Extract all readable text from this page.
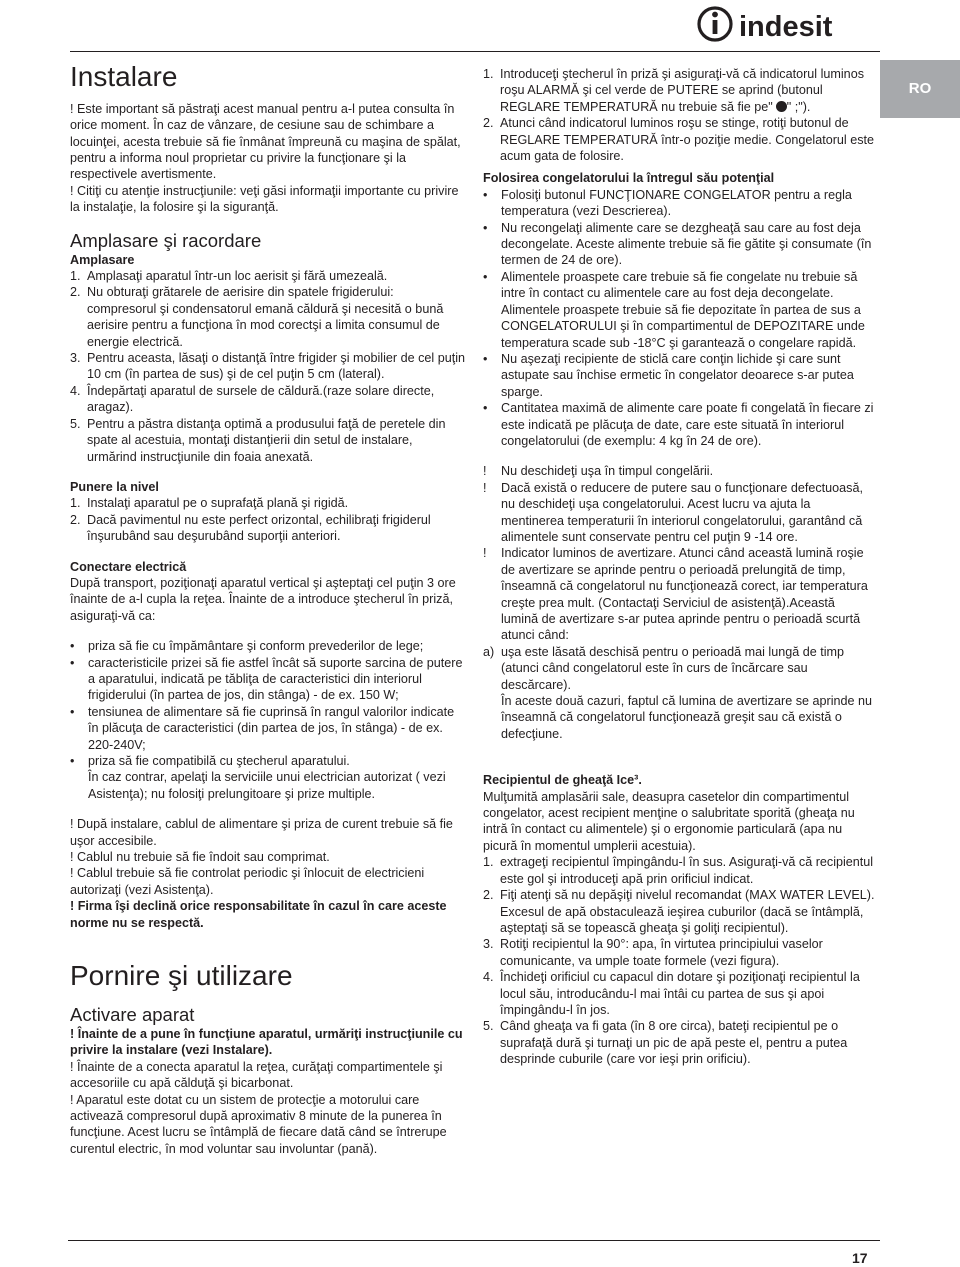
indesit
RO
Instalare

! Este important să păstraţi acest manual pentru a-l putea consulta în orice moment. În caz de vânzare, de cesiune sau de schimbare a locuinţei, acesta trebuie să fie înmânat împreună cu maşina de spălat, pentru a informa noul proprietar cu privire la funcţionare şi la respectivele avertismente.

! Citiţi cu atenţie instrucţiunile: veţi găsi informaţii importante cu privire la instalaţie, la folosire şi la siguranţă.

Amplasare şi racordare
Amplasare

1. Amplasaţi aparatul într-un loc aerisit şi fără umezeală.

2. Nu obturaţi grătarele de aerisire din spatele frigiderului: compresorul şi condensatorul emană căldură şi necesită o bună aerisire pentru a funcţiona în mod corectşi a limita consumul de energie electrică.

3. Pentru aceasta, lăsaţi o distanţă între frigider şi mobilier de cel puţin 10 cm (în partea de sus) şi de cel puţin 5 cm (lateral).

4. Îndepărtaţi aparatul de sursele de căldură.(raze solare directe, aragaz).

5. Pentru a păstra distanţa optimă a produsului faţă de peretele din spate al acestuia, montaţi distanţierii din setul de instalare, urmărind instrucţiunile din foaia anexată.

Punere la nivel

1. Instalaţi aparatul pe o suprafaţă plană şi rigidă.

2. Dacă pavimentul nu este perfect orizontal, echilibraţi frigiderul înşurubând sau deşurubând suporţii anteriori.

Conectare electrică

După transport, poziţionaţi aparatul vertical şi aşteptaţi cel puţin 3 ore înainte de a-l cupla la reţea. Înainte de a introduce ştecherul în priză, asiguraţi-vă ca:

• priza să fie cu împământare şi conform prevederilor de lege;

• caracteristicile prizei să fie astfel încât să suporte sarcina de putere a aparatului, indicată pe tăbliţa de caracteristici din interiorul frigiderului (în partea de jos, din stânga) - de ex. 150 W;

• tensiunea de alimentare să fie cuprinsă în rangul valorilor indicate în plăcuţa de caracteristici (din partea de jos, în stânga) - de ex. 220-240V;

• priza să fie compatibilă cu ştecherul aparatului.

În caz contrar, apelaţi la serviciile unui electrician autorizat ( vezi Asistenţa); nu folosiţi prelungitoare şi prize multiple.

! După instalare, cablul de alimentare şi priza de curent trebuie să fie uşor accesibile.

! Cablul nu trebuie să fie îndoit sau comprimat.

! Cablul trebuie să fie controlat periodic şi înlocuit de electricieni autorizaţi (vezi Asistenţa).

! Firma îşi declină orice responsabilitate în cazul în care aceste norme nu se respectă.

Pornire şi utilizare
Activare aparat

! Înainte de a pune în funcţiune aparatul, urmăriţi instrucţiunile cu privire la instalare (vezi Instalare).

! Înainte de a conecta aparatul la reţea, curăţaţi compartimentele şi accesoriile cu apă călduţă şi bicarbonat.

! Aparatul este dotat cu un sistem de protecţie a motorului care activează compresorul după aproximativ 8 minute de la punerea în funcţiune. Acest lucru se întâmplă de fiecare dată când se întrerupe curentul electric, în mod voluntar sau involuntar (pană).

1. Introduceţi ştecherul în priză şi asiguraţi-vă că indicatorul luminos roşu ALARMĂ şi cel verde de PUTERE se aprind (butonul REGLARE TEMPERATURĂ nu trebuie să fie pe" " ;").

2. Atunci când indicatorul luminos roşu se stinge, rotiţi butonul de REGLARE TEMPERATURĂ într-o poziţie medie. Congelatorul este acum gata de folosire.

Folosirea congelatorului la întregul său potenţial

• Folosiţi butonul FUNCŢIONARE CONGELATOR pentru a regla temperatura (vezi Descrierea).

• Nu recongelaţi alimente care se dezgheaţă sau care au fost deja decongelate. Aceste alimente trebuie să fie gătite şi consumate (în termen de 24 de ore).

• Alimentele proaspete care trebuie să fie congelate nu trebuie să intre în contact cu alimentele care au fost deja decongelate. Alimentele proaspete trebuie să fie depozitate în partea de sus a CONGELATORULUI şi în compartimentul de DEPOZITARE unde temperatura scade sub -18°C şi garantează o congelare rapidă.

• Nu aşezaţi recipiente de sticlă care conţin lichide şi care sunt astupate sau închise ermetic în congelator deoarece s-ar putea sparge.

• Cantitatea maximă de alimente care poate fi congelată în fiecare zi este indicată pe plăcuţa de date, care este situată în interiorul congelatorului (de exemplu: 4 kg în 24 de ore).

! Nu deschideţi uşa în timpul congelării.

! Dacă există o reducere de putere sau o funcţionare defectuoasă, nu deschideţi uşa congelatorului. Acest lucru va ajuta la mentinerea temperaturii în interiorul congelatorului, garantând că alimentele sunt conservate pentru cel puţin 9 -14 ore.

! Indicator luminos de avertizare. Atunci când această lumină roşie de avertizare se aprinde pentru o perioadă prelungită de timp, înseamnă că congelatorul nu funcţionează corect, iar temperatura creşte prea mult. (Contactaţi Serviciul de asistenţă).Această lumină de avertizare s-ar putea aprinde pentru o perioadă scurtă atunci când:

a) uşa este lăsată deschisă pentru o perioadă mai lungă de timp (atunci când congelatorul este în curs de încărcare sau descărcare).

În aceste două cazuri, faptul că lumina de avertizare se aprinde nu înseamnă că congelatorul funcţionează greşit sau că există o defecţiune.

Recipientul de gheaţă Ice³.

Mulţumită amplasării sale, deasupra casetelor din compartimentul congelator, acest recipient menţine o salubritate sporită (gheaţa nu intră în contact cu alimentele) şi o ergonomie particulară (apa nu picură în momentul umplerii acestuia).

1. extrageţi recipientul împingându-l în sus. Asiguraţi-vă că recipientul este gol şi introduceţi apă prin orificiul indicat.

2. Fiţi atenţi să nu depăşiţi nivelul recomandat (MAX WATER LEVEL). Excesul de apă obstaculează ieşirea cuburilor (dacă se întâmplă, aşteptaţi să se topească gheaţa şi goliţi recipientul).

3. Rotiţi recipientul la 90°: apa, în virtutea principiului vaselor comunicante, va umple toate formele (vezi figura).

4. Închideţi orificiul cu capacul din dotare şi poziţionaţi recipientul la locul său, introducându-l mai întâi cu partea de sus şi apoi împingându-l în jos.

5. Când gheaţa va fi gata (în 8 ore circa), bateţi recipientul pe o suprafaţă dură şi turnaţi un pic de apă peste el, pentru a putea desprinde cuburile (care vor ieşi prin orificiu).

17
